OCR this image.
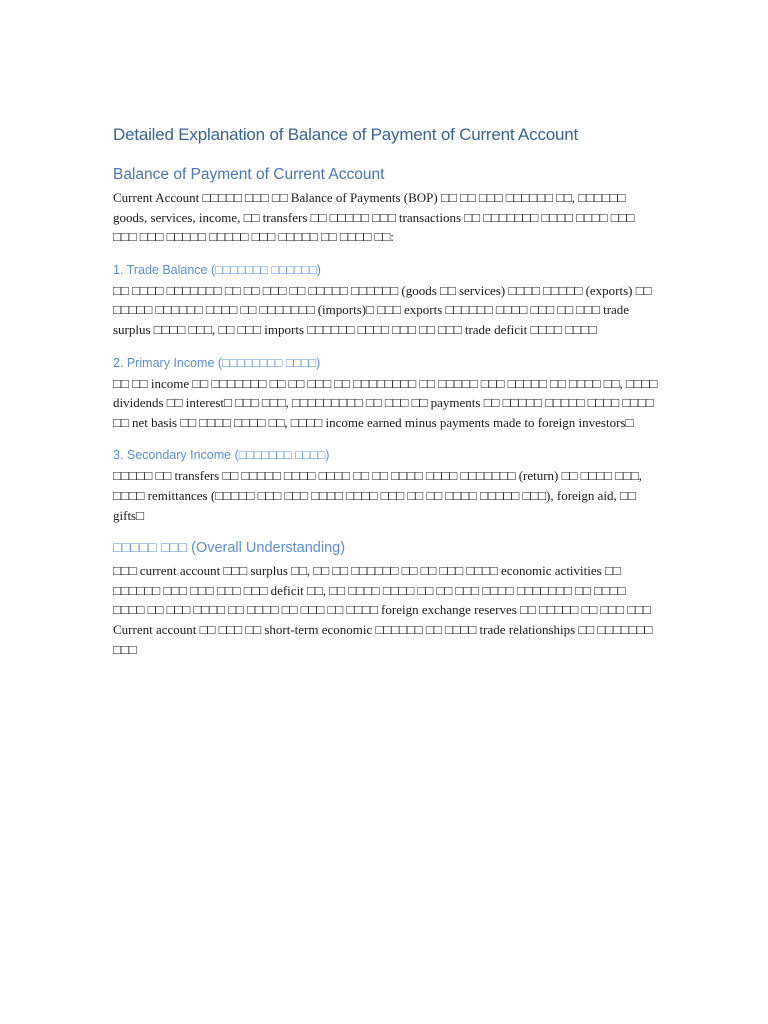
Detailed Explanation of Balance of Payment of Current Account
Balance of Payment of Current Account

Current Account □□□□□ □□□ □□ Balance of Payments (BOP) □□ □□ □□□ □□□□□□ □□, □□□□□□ goods, services, income, □□ transfers □□ □□□□□ □□□ transactions □□ □□□□□□□ □□□□ □□□□ □□□ □□□ □□□ □□□□□ □□□□□ □□□ □□□□□ □□ □□□□ □□:

1. Trade Balance (□□□□□□□ □□□□□□)

□□ □□□□ □□□□□□□ □□ □□ □□□ □□ □□□□□ □□□□□□ (goods □□ services) □□□□ □□□□□ (exports) □□ □□□□□ □□□□□□ □□□□ □□ □□□□□□□ (imports)□ □□□ exports □□□□□□ □□□□ □□□ □□ □□□ trade surplus □□□□ □□□, □□ □□□ imports □□□□□□ □□□□ □□□ □□ □□□ trade deficit □□□□ □□□□

2. Primary Income (□□□□□□□□ □□□□)

□□ □□ income □□ □□□□□□□ □□ □□ □□□ □□ □□□□□□□□ □□ □□□□□ □□□ □□□□□ □□ □□□□ □□, □□□□ dividends □□ interest□ □□□ □□□, □□□□□□□□□ □□ □□□ □□ payments □□ □□□□□ □□□□□ □□□□ □□□□ □□ net basis □□ □□□□ □□□□ □□, □□□□ income earned minus payments made to foreign investors□

3. Secondary Income (□□□□□□□ □□□□)

□□□□□ □□ transfers □□ □□□□□ □□□□ □□□□ □□ □□ □□□□ □□□□ □□□□□□□ (return) □□ □□□□ □□□, □□□□ remittances (□□□□□ □□□ □□□ □□□□ □□□□ □□□ □□ □□ □□□□ □□□□□ □□□), foreign aid, □□ gifts□

□□□□□ □□□ (Overall Understanding)

□□□ current account □□□ surplus □□, □□ □□ □□□□□□ □□ □□ □□□ □□□□ economic activities □□ □□□□□□ □□□ □□□ □□□ □□□ deficit □□, □□ □□□□ □□□□ □□ □□ □□□ □□□□ □□□□□□□ □□ □□□□ □□□□ □□ □□□ □□□□ □□ □□□□ □□ □□□ □□ □□□□ foreign exchange reserves □□ □□□□□ □□ □□□ □□□ Current account □□ □□□ □□ short-term economic □□□□□□ □□ □□□□ trade relationships □□ □□□□□□□ □□□
